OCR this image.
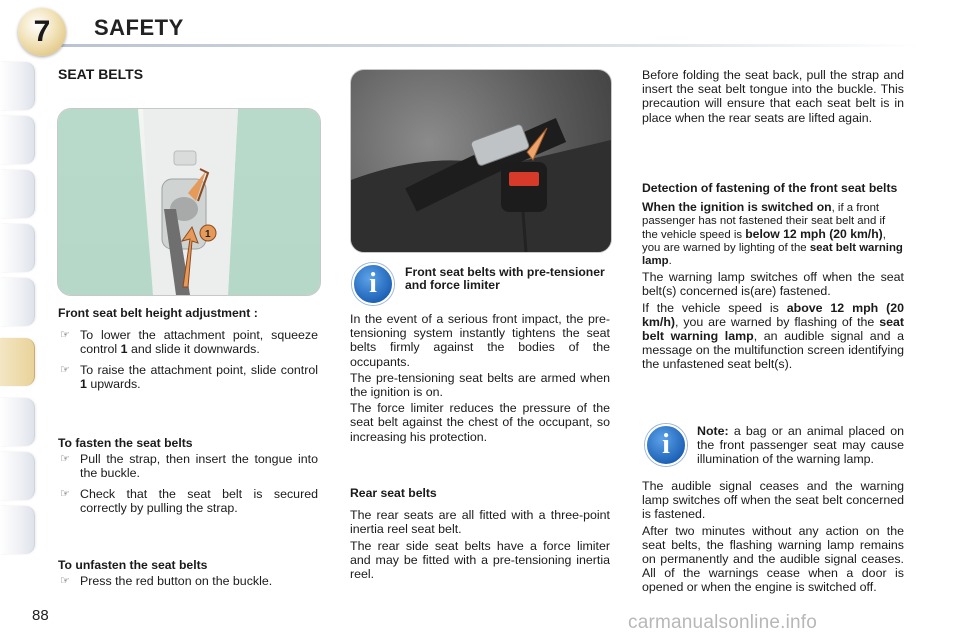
7	SAFETY
SEAT BELTS
1

Front seat belt height adjustment :

☞ To lower the attachment point, squeeze control 1 and slide it downwards.

☞ To raise the attachment point, slide control 1 upwards.

To fasten the seat belts

☞ Pull the strap, then insert the tongue into the buckle.

☞ Check that the seat belt is secured correctly by pulling the strap.

To unfasten the seat belts

☞ Press the red button on the buckle.

i	Front seat belts with pre-tensioner and force limiter

In the event of a serious front impact, the pre-tensioning system instantly tightens the seat belts firmly against the bodies of the occupants.

The pre-tensioning seat belts are armed when the ignition is on.

The force limiter reduces the pressure of the seat belt against the chest of the occupant, so increasing his protection.

Rear seat belts

The rear seats are all fitted with a three-point inertia reel seat belt.

The rear side seat belts have a force limiter and may be fitted with a pre-tensioning inertia reel.

Before folding the seat back, pull the strap and insert the seat belt tongue into the buckle. This precaution will ensure that each seat belt is in place when the rear seats are lifted again.

Detection of fastening of the front seat belts

When the ignition is switched on, if a front passenger has not fastened their seat belt and if the vehicle speed is below 12 mph (20 km/h), you are warned by lighting of the seat belt warning lamp.

The warning lamp switches off when the seat belt(s) concerned is(are) fastened.

If the vehicle speed is above 12 mph (20 km/h), you are warned by flashing of the seat belt warning lamp, an audible signal and a message on the multifunction screen identifying the unfastened seat belt(s).

i	Note: a bag or an animal placed on the front passenger seat may cause illumination of the warning lamp.

The audible signal ceases and the warning lamp switches off when the seat belt concerned is fastened.

After two minutes without any action on the seat belts, the flashing warning lamp remains on permanently and the audible signal ceases. All of the warnings cease when a door is opened or when the engine is switched off.

88	carmanualsonline.info
